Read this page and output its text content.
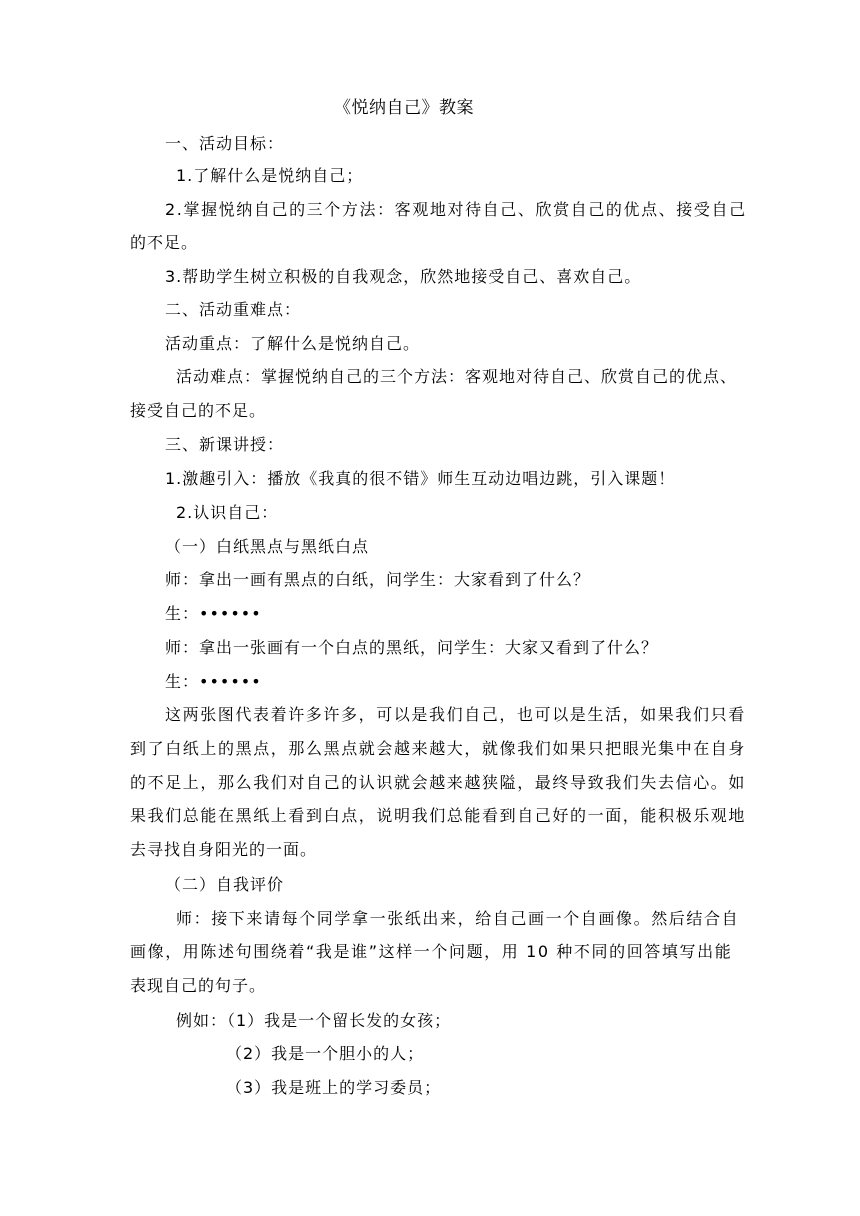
《悦纳自己》教案
一、活动目标：
1.了解什么是悦纳自己；
2.掌握悦纳自己的三个方法：客观地对待自己、欣赏自己的优点、接受自己
的不足。
3.帮助学生树立积极的自我观念，欣然地接受自己、喜欢自己。
二、活动重难点：
活动重点：了解什么是悦纳自己。
活动难点：掌握悦纳自己的三个方法：客观地对待自己、欣赏自己的优点、
接受自己的不足。
三、新课讲授：
1.激趣引入：播放《我真的很不错》师生互动边唱边跳，引入课题！
2.认识自己：
（一）白纸黑点与黑纸白点
师：拿出一画有黑点的白纸，问学生：大家看到了什么？
生：••••••
师：拿出一张画有一个白点的黑纸，问学生：大家又看到了什么？
生：••••••
这两张图代表着许多许多，可以是我们自己，也可以是生活，如果我们只看
到了白纸上的黑点，那么黑点就会越来越大，就像我们如果只把眼光集中在自身
的不足上，那么我们对自己的认识就会越来越狭隘，最终导致我们失去信心。如
果我们总能在黑纸上看到白点，说明我们总能看到自己好的一面，能积极乐观地
去寻找自身阳光的一面。
（二）自我评价
师：接下来请每个同学拿一张纸出来，给自己画一个自画像。然后结合自
画像，用陈述句围绕着“我是谁”这样一个问题，用 10 种不同的回答填写出能
表现自己的句子。
例如：（1）我是一个留长发的女孩；
（2）我是一个胆小的人；
（3）我是班上的学习委员；
